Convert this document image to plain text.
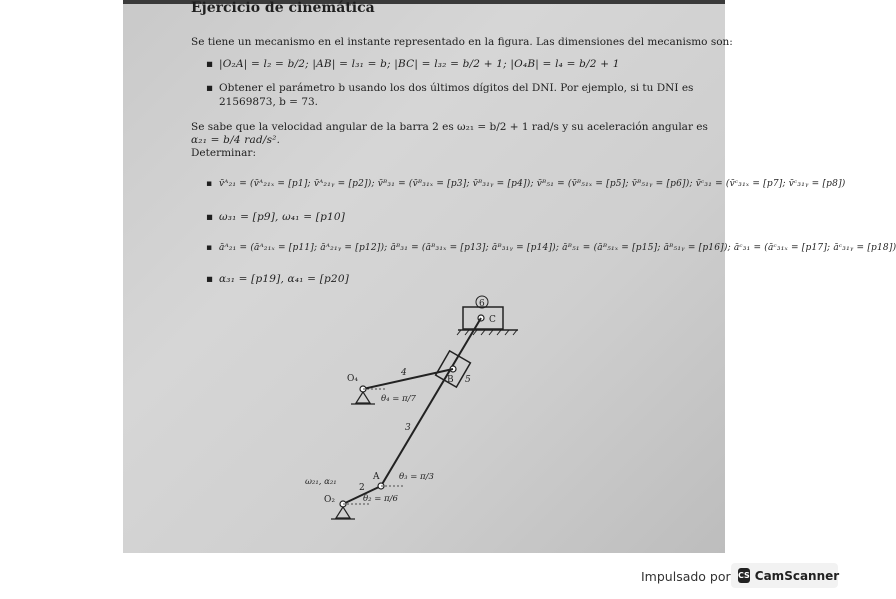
Ejercicio de cinemática
Se tiene un mecanismo en el instante representado en la figura. Las dimensiones del mecanismo son:
▪ |O₂A| = l₂ = b/2; |AB| = l₃₁ = b; |BC| = l₃₂ = b/2 + 1; |O₄B| = l₄ = b/2 + 1
▪ Obtener el parámetro b usando los dos últimos dígitos del DNI. Por ejemplo, si tu DNI es
21569873, b = 73.
Se sabe que la velocidad angular de la barra 2 es ω₂₁ = b/2 + 1 rad/s y su aceleración angular es
α₂₁ = b/4 rad/s².
Determinar:
▪ v̄ᴬ₂₁ = (v̄ᴬ₂₁ₓ = [p1]; v̄ᴬ₂₁ᵧ = [p2]); v̄ᴮ₃₁ = (v̄ᴮ₃₁ₓ = [p3]; v̄ᴮ₃₁ᵧ = [p4]); v̄ᴮ₅₁ = (v̄ᴮ₅₁ₓ = [p5]; v̄ᴮ₅₁ᵧ = [p6]); v̄ᶜ₃₁ = (v̄ᶜ₃₁ₓ = [p7]; v̄ᶜ₃₁ᵧ = [p8])
▪ ω₃₁ = [p9], ω₄₁ = [p10]
▪ āᴬ₂₁ = (āᴬ₂₁ₓ = [p11]; āᴬ₂₁ᵧ = [p12]); āᴮ₃₁ = (āᴮ₃₁ₓ = [p13]; āᴮ₃₁ᵧ = [p14]); āᴮ₅₁ = (āᴮ₅₁ₓ = [p15]; āᴮ₅₁ᵧ = [p16]); āᶜ₃₁ = (āᶜ₃₁ₓ = [p17]; āᶜ₃₁ᵧ = [p18])
▪ α₃₁ = [p19], α₄₁ = [p20]
6
C
B 5
4
O₄
θ₄ = π/7
3
A θ₃ = π/3
ω₂₁, α₂₁
2
O₂	θ₂ = π/6
Impulsado por CS CamScanner
